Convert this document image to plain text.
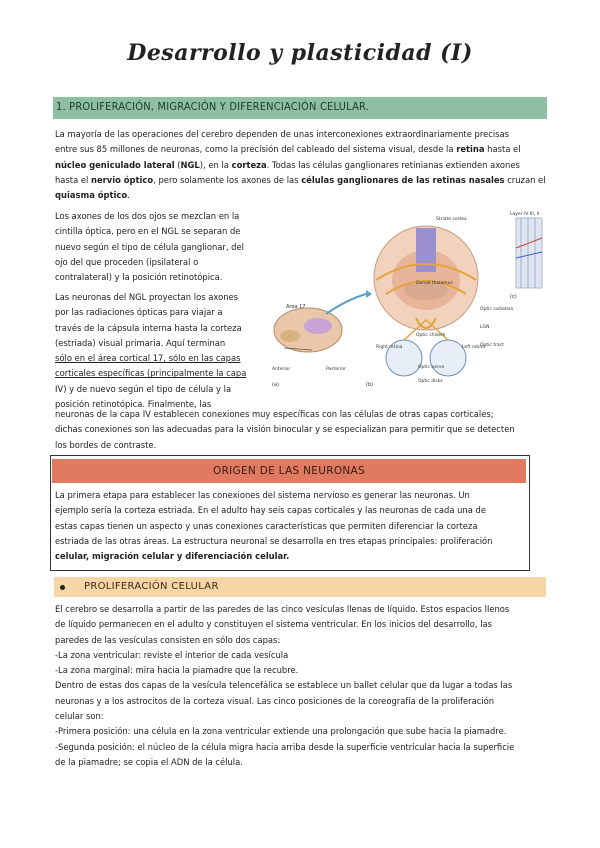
Desarrollo y plasticidad (I)
1. PROLIFERACIÓN, MIGRACIÓN Y DIFERENCIACIÓN CELULAR.
La mayoría de las operaciones del cerebro dependen de unas interconexiones extraordinariamente precisas
entre sus 85 millones de neuronas, como la precisión del cableado del sistema visual, desde la retina hasta el
núcleo geniculado lateral (NGL), en la corteza. Todas las células ganglionares retinianas extienden axones
hasta el nervio óptico, pero solamente los axones de las células ganglionares de las retinas nasales cruzan el
quiasma óptico.
Los axones de los dos ojos se mezclan en la
cintilla óptica, pero en el NGL se separan de
nuevo según el tipo de célula ganglionar, del
ojo del que proceden (ipsilateral o
contralateral) y la posición retinotópica.
Las neuronas del NGL proyectan los axones
por las radiaciones ópticas para viajar a
través de la cápsula interna hasta la corteza
(estriada) visual primaria. Aquí terminan
sólo en el área cortical 17, sólo en las capas
corticales específicas (principalmente la capa
IV) y de nuevo según el tipo de célula y la
posición retinotópica. Finalmente, las
neuronas de la capa IV establecen conexiones muy específicas con las células de otras capas corticales;
dichas conexiones son las adecuadas para la visión binocular y se especializan para permitir que se detecten
los bordes de contraste.
Area 17
Anterior	Posterior
(a)
Striate cortex
Dorsal thalamus
LGN
Optic radiation
Optic tract
(b)
Right retina	Left retina
Optic chiasm
Optic nerve
Optic disks
Layer IV III, II
(c)
ORIGEN DE LAS NEURONAS
La primera etapa para establecer las conexiones del sistema nervioso es generar las neuronas. Un
ejemplo sería la corteza estriada. En el adulto hay seis capas corticales y las neuronas de cada una de
estas capas tienen un aspecto y unas conexiones características que permiten diferenciar la corteza
estriada de las otras áreas. La estructura neuronal se desarrolla en tres etapas principales: proliferación
celular, migración celular y diferenciación celular.
PROLIFERACIÓN CELULAR
El cerebro se desarrolla a partir de las paredes de las cinco vesículas llenas de líquido. Estos espacios llenos
de líquido permanecen en el adulto y constituyen el sistema ventricular. En los inicios del desarrollo, las
paredes de las vesículas consisten en sólo dos capas:
-La zona ventricular: reviste el interior de cada vesícula
-La zona marginal: mira hacia la piamadre que la recubre.
Dentro de estas dos capas de la vesícula telencefálica se establece un ballet celular que da lugar a todas las
neuronas y a los astrocitos de la corteza visual. Las cinco posiciones de la coreografía de la proliferación
celular son:
-Primera posición: una célula en la zona ventricular extiende una prolongación que sube hacia la piamadre.
-Segunda posición: el núcleo de la célula migra hacia arriba desde la superficie ventricular hacia la superficie
de la piamadre; se copia el ADN de la célula.
